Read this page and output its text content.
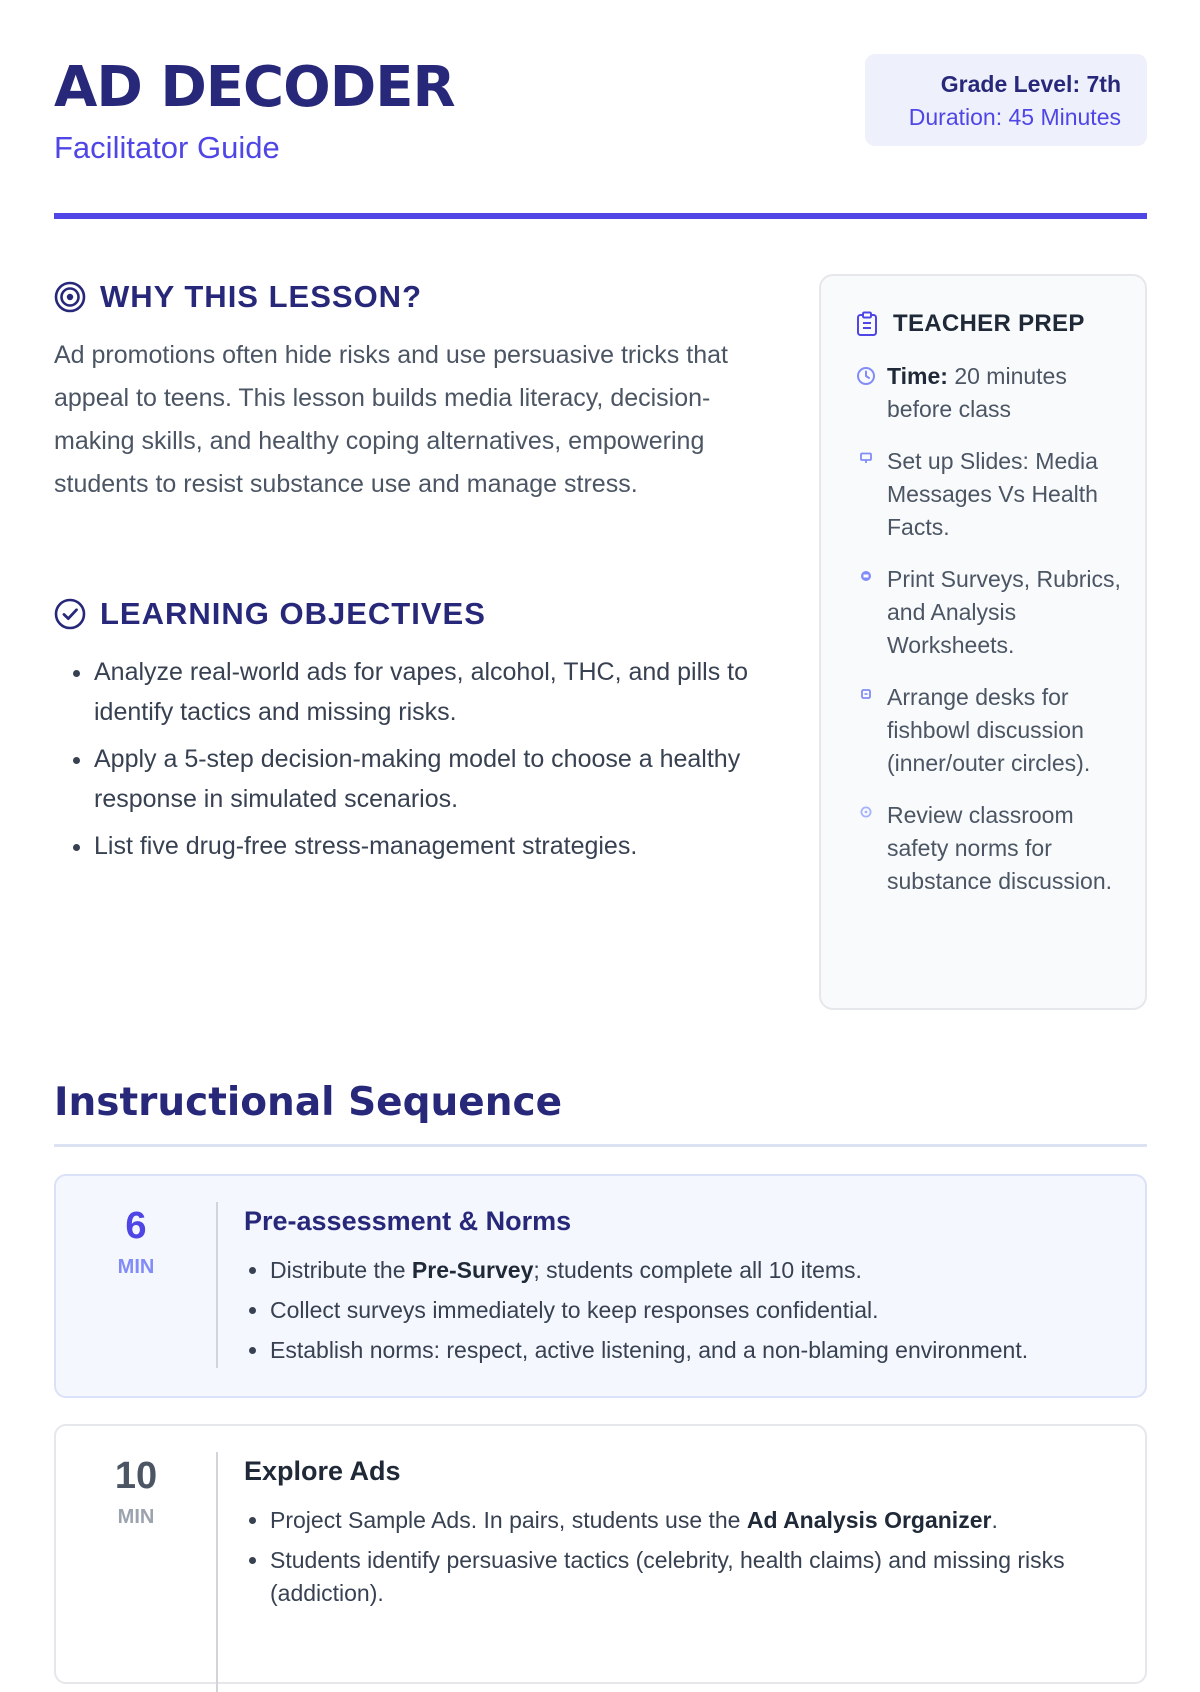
AD DECODER
Facilitator Guide
Grade Level: 7th
Duration: 45 Minutes
WHY THIS LESSON?

Ad promotions often hide risks and use persuasive tricks that appeal to teens. This lesson builds media literacy, decision-making skills, and healthy coping alternatives, empowering students to resist substance use and manage stress.

LEARNING OBJECTIVES
• Analyze real-world ads for vapes, alcohol, THC, and pills to identify tactics and missing risks.
• Apply a 5-step decision-making model to choose a healthy response in simulated scenarios.
• List five drug-free stress-management strategies.
TEACHER PREP
Time: 20 minutes before class
Set up Slides: Media Messages Vs Health Facts.
Print Surveys, Rubrics, and Analysis Worksheets.
Arrange desks for fishbowl discussion (inner/outer circles).
Review classroom safety norms for substance discussion.
Instructional Sequence
6
MIN
Pre-assessment & Norms
• Distribute the Pre-Survey; students complete all 10 items.
• Collect surveys immediately to keep responses confidential.
• Establish norms: respect, active listening, and a non-blaming environment.
10
MIN
Explore Ads
• Project Sample Ads. In pairs, students use the Ad Analysis Organizer.
• Students identify persuasive tactics (celebrity, health claims) and missing risks (addiction).
